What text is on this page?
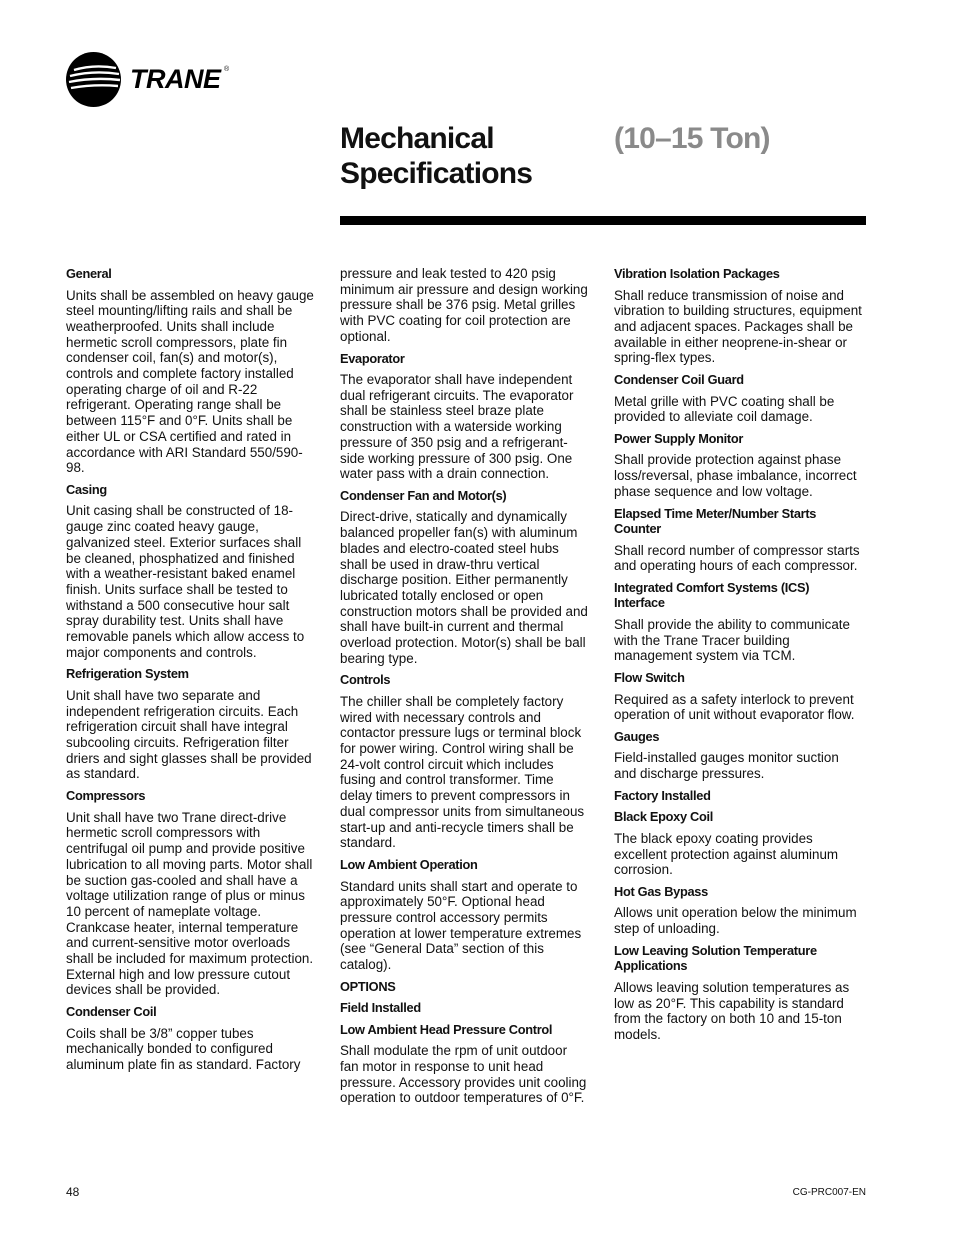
TRANE ®
Mechanical
Specifications
(10–15 Ton)
General

Units shall be assembled on heavy gauge steel mounting/lifting rails and shall be weatherproofed. Units shall include hermetic scroll compressors, plate fin condenser coil, fan(s) and motor(s), controls and complete factory installed operating charge of oil and R-22 refrigerant. Operating range shall be between 115°F and 0°F. Units shall be either UL or CSA certified and rated in accordance with ARI Standard 550/590-98.

Casing

Unit casing shall be constructed of 18-gauge zinc coated heavy gauge, galvanized steel. Exterior surfaces shall be cleaned, phosphatized and finished with a weather-resistant baked enamel finish. Units surface shall be tested to withstand a 500 consecutive hour salt spray durability test. Units shall have removable panels which allow access to major components and controls.

Refrigeration System

Unit shall have two separate and independent refrigeration circuits. Each refrigeration circuit shall have integral subcooling circuits. Refrigeration filter driers and sight glasses shall be provided as standard.

Compressors

Unit shall have two Trane direct-drive hermetic scroll compressors with centrifugal oil pump and provide positive lubrication to all moving parts. Motor shall be suction gas-cooled and shall have a voltage utilization range of plus or minus 10 percent of nameplate voltage. Crankcase heater, internal temperature and current-sensitive motor overloads shall be included for maximum protection. External high and low pressure cutout devices shall be provided.

Condenser Coil

Coils shall be 3/8” copper tubes mechanically bonded to configured aluminum plate fin as standard. Factory

pressure and leak tested to 420 psig minimum air pressure and design working pressure shall be 376 psig. Metal grilles with PVC coating for coil protection are optional.

Evaporator

The evaporator shall have independent dual refrigerant circuits. The evaporator shall be stainless steel braze plate construction with a waterside working pressure of 350 psig and a refrigerant-side working pressure of 300 psig. One water pass with a drain connection.

Condenser Fan and Motor(s)

Direct-drive, statically and dynamically balanced propeller fan(s) with aluminum blades and electro-coated steel hubs shall be used in draw-thru vertical discharge position. Either permanently lubricated totally enclosed or open construction motors shall be provided and shall have built-in current and thermal overload protection. Motor(s) shall be ball bearing type.

Controls

The chiller shall be completely factory wired with necessary controls and contactor pressure lugs or terminal block for power wiring. Control wiring shall be 24-volt control circuit which includes fusing and control transformer. Time delay timers to prevent compressors in dual compressor units from simultaneous start-up and anti-recycle timers shall be standard.

Low Ambient Operation

Standard units shall start and operate to approximately 50°F. Optional head pressure control accessory permits operation at lower temperature extremes (see “General Data” section of this catalog).

OPTIONS
Field Installed
Low Ambient Head Pressure Control

Shall modulate the rpm of unit outdoor fan motor in response to unit head pressure. Accessory provides unit cooling operation to outdoor temperatures of 0°F.

Vibration Isolation Packages

Shall reduce transmission of noise and vibration to building structures, equipment and adjacent spaces. Packages shall be available in either neoprene-in-shear or spring-flex types.

Condenser Coil Guard

Metal grille with PVC coating shall be provided to alleviate coil damage.

Power Supply Monitor

Shall provide protection against phase loss/reversal, phase imbalance, incorrect phase sequence and low voltage.

Elapsed Time Meter/Number Starts Counter

Shall record number of compressor starts and operating hours of each compressor.

Integrated Comfort Systems (ICS) Interface

Shall provide the ability to communicate with the Trane Tracer building management system via TCM.

Flow Switch

Required as a safety interlock to prevent operation of unit without evaporator flow.

Gauges

Field-installed gauges monitor suction and discharge pressures.

Factory Installed
Black Epoxy Coil

The black epoxy coating provides excellent protection against aluminum corrosion.

Hot Gas Bypass

Allows unit operation below the minimum step of unloading.

Low Leaving Solution Temperature Applications

Allows leaving solution temperatures as low as 20°F. This capability is standard from the factory on both 10 and 15-ton models.

48	CG-PRC007-EN
